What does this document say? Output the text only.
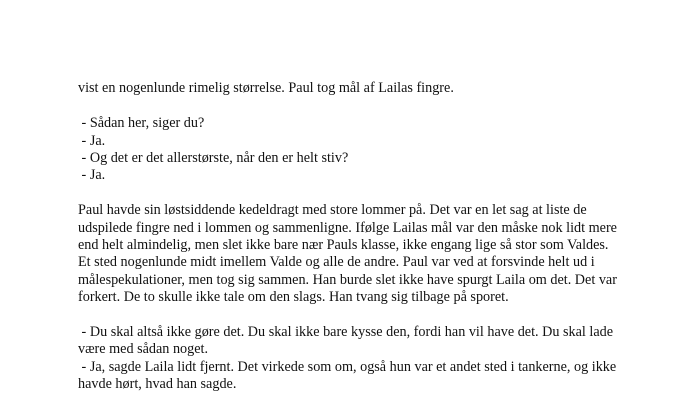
vist en nogenlunde rimelig størrelse. Paul tog mål af Lailas fingre.

- Sådan her, siger du?

- Ja.

- Og det er det allerstørste, når den er helt stiv?

- Ja.

Paul havde sin løstsiddende kedeldragt med store lommer på. Det var en let sag at liste de

udspilede fingre ned i lommen og sammenligne. Ifølge Lailas mål var den måske nok lidt mere

end helt almindelig, men slet ikke bare nær Pauls klasse, ikke engang lige så stor som Valdes.

Et sted nogenlunde midt imellem Valde og alle de andre. Paul var ved at forsvinde helt ud i

målespekulationer, men tog sig sammen. Han burde slet ikke have spurgt Laila om det. Det var

forkert. De to skulle ikke tale om den slags. Han tvang sig tilbage på sporet.

- Du skal altså ikke gøre det. Du skal ikke bare kysse den, fordi han vil have det. Du skal lade

være med sådan noget.

- Ja, sagde Laila lidt fjernt. Det virkede som om, også hun var et andet sted i tankerne, og ikke

havde hørt, hvad han sagde.
